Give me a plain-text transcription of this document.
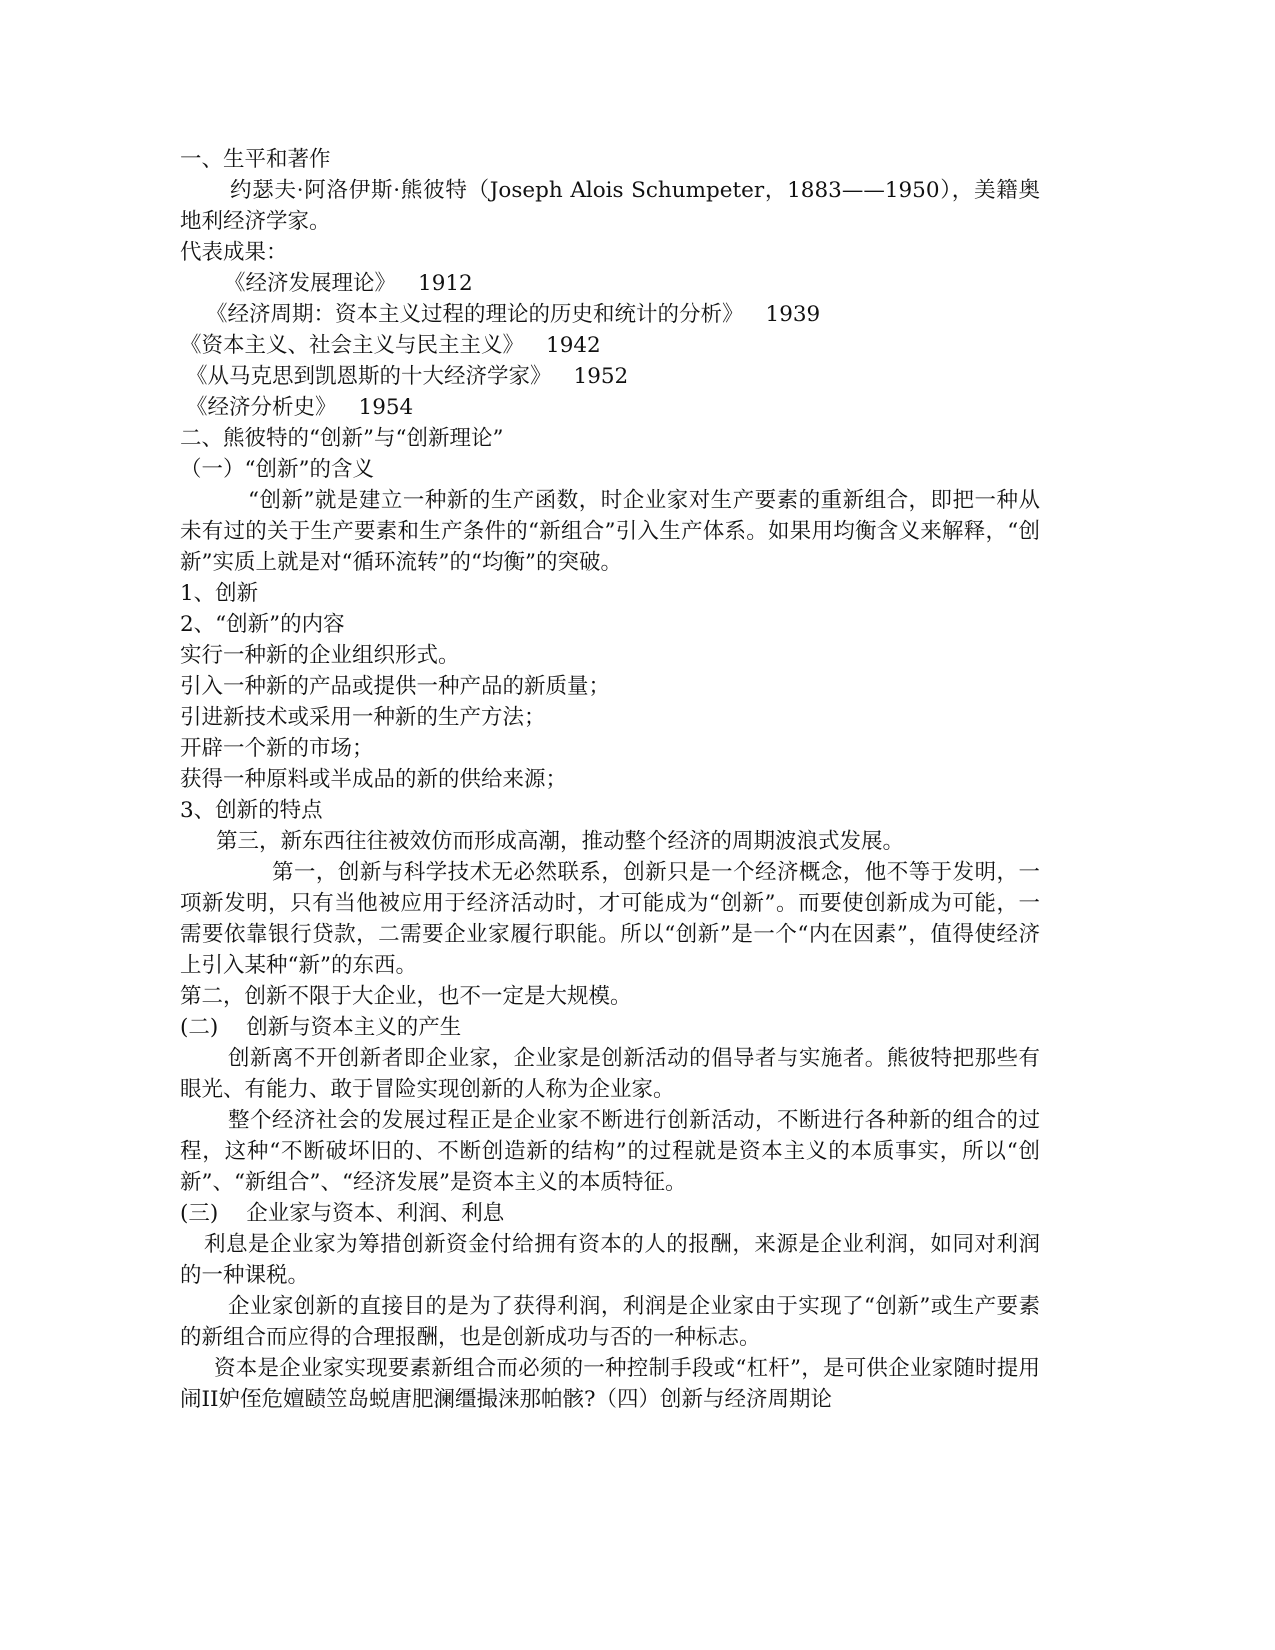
一、生平和著作
约瑟夫·阿洛伊斯·熊彼特（Joseph Alois Schumpeter，1883——1950），美籍奥地利经济学家。
代表成果：
《经济发展理论》 1912
《经济周期：资本主义过程的理论的历史和统计的分析》 1939
《资本主义、社会主义与民主主义》 1942
《从马克思到凯恩斯的十大经济学家》 1952
《经济分析史》 1954
二、熊彼特的“创新”与“创新理论”
（一）“创新”的含义
“创新”就是建立一种新的生产函数，时企业家对生产要素的重新组合，即把一种从未有过的关于生产要素和生产条件的“新组合”引入生产体系。如果用均衡含义来解释，“创新”实质上就是对“循环流转”的“均衡”的突破。
1、创新
2、“创新”的内容
实行一种新的企业组织形式。
引入一种新的产品或提供一种产品的新质量；
引进新技术或采用一种新的生产方法；
开辟一个新的市场；
获得一种原料或半成品的新的供给来源；
3、创新的特点
第三，新东西往往被效仿而形成高潮，推动整个经济的周期波浪式发展。
第一，创新与科学技术无必然联系，创新只是一个经济概念，他不等于发明，一项新发明，只有当他被应用于经济活动时，才可能成为“创新”。而要使创新成为可能，一需要依靠银行贷款，二需要企业家履行职能。所以“创新”是一个“内在因素”，值得使经济上引入某种“新”的东西。
第二，创新不限于大企业，也不一定是大规模。
(二) 创新与资本主义的产生
创新离不开创新者即企业家，企业家是创新活动的倡导者与实施者。熊彼特把那些有眼光、有能力、敢于冒险实现创新的人称为企业家。
整个经济社会的发展过程正是企业家不断进行创新活动，不断进行各种新的组合的过程，这种“不断破坏旧的、不断创造新的结构”的过程就是资本主义的本质事实，所以“创新”、“新组合”、“经济发展”是资本主义的本质特征。
(三) 企业家与资本、利润、利息
利息是企业家为筹措创新资金付给拥有资本的人的报酬，来源是企业利润，如同对利润的一种课税。
企业家创新的直接目的是为了获得利润，利润是企业家由于实现了“创新”或生产要素的新组合而应得的合理报酬，也是创新成功与否的一种标志。
资本是企业家实现要素新组合而必须的一种控制手段或“杠杆”，是可供企业家随时提用闹II妒侄危嬗赜笠岛蜕唐肥澜缰撮涞那帕骸?（四）创新与经济周期论
